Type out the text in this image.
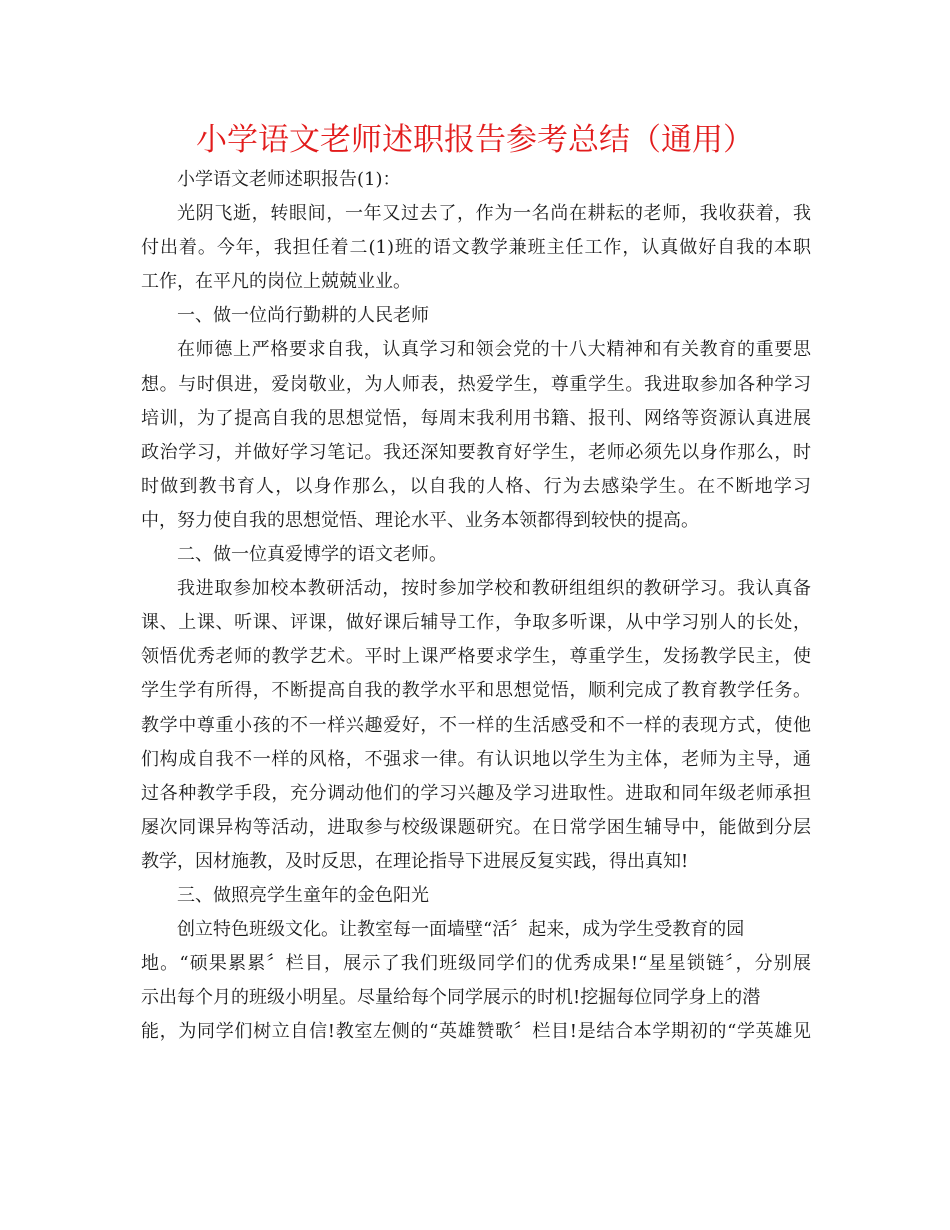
小学语文老师述职报告参考总结（通用）
小学语文老师述职报告(1)：
光阴飞逝，转眼间，一年又过去了，作为一名尚在耕耘的老师，我收获着，我
付出着。今年，我担任着二(1)班的语文教学兼班主任工作，认真做好自我的本职
工作，在平凡的岗位上兢兢业业。
一、做一位尚行勤耕的人民老师
在师德上严格要求自我，认真学习和领会党的十八大精神和有关教育的重要思
想。与时俱进，爱岗敬业，为人师表，热爱学生，尊重学生。我进取参加各种学习
培训，为了提高自我的思想觉悟，每周末我利用书籍、报刊、网络等资源认真进展
政治学习，并做好学习笔记。我还深知要教育好学生，老师必须先以身作那么，时
时做到教书育人，以身作那么，以自我的人格、行为去感染学生。在不断地学习
中，努力使自我的思想觉悟、理论水平、业务本领都得到较快的提高。
二、做一位真爱博学的语文老师。
我进取参加校本教研活动，按时参加学校和教研组组织的教研学习。我认真备
课、上课、听课、评课，做好课后辅导工作，争取多听课，从中学习别人的长处，
领悟优秀老师的教学艺术。平时上课严格要求学生，尊重学生，发扬教学民主，使
学生学有所得，不断提高自我的教学水平和思想觉悟，顺利完成了教育教学任务。
教学中尊重小孩的不一样兴趣爱好，不一样的生活感受和不一样的表现方式，使他
们构成自我不一样的风格，不强求一律。有认识地以学生为主体，老师为主导，通
过各种教学手段，充分调动他们的学习兴趣及学习进取性。进取和同年级老师承担
屡次同课异构等活动，进取参与校级课题研究。在日常学困生辅导中，能做到分层
教学，因材施教，及时反思，在理论指导下进展反复实践，得出真知!
三、做照亮学生童年的金色阳光
创立特色班级文化。让教室每一面墙壁“活〞起来，成为学生受教育的园
地。“硕果累累〞栏目，展示了我们班级同学们的优秀成果!“星星锁链〞，分别展
示出每个月的班级小明星。尽量给每个同学展示的时机!挖掘每位同学身上的潜
能，为同学们树立自信!教室左侧的“英雄赞歌〞栏目!是结合本学期初的“学英雄见
